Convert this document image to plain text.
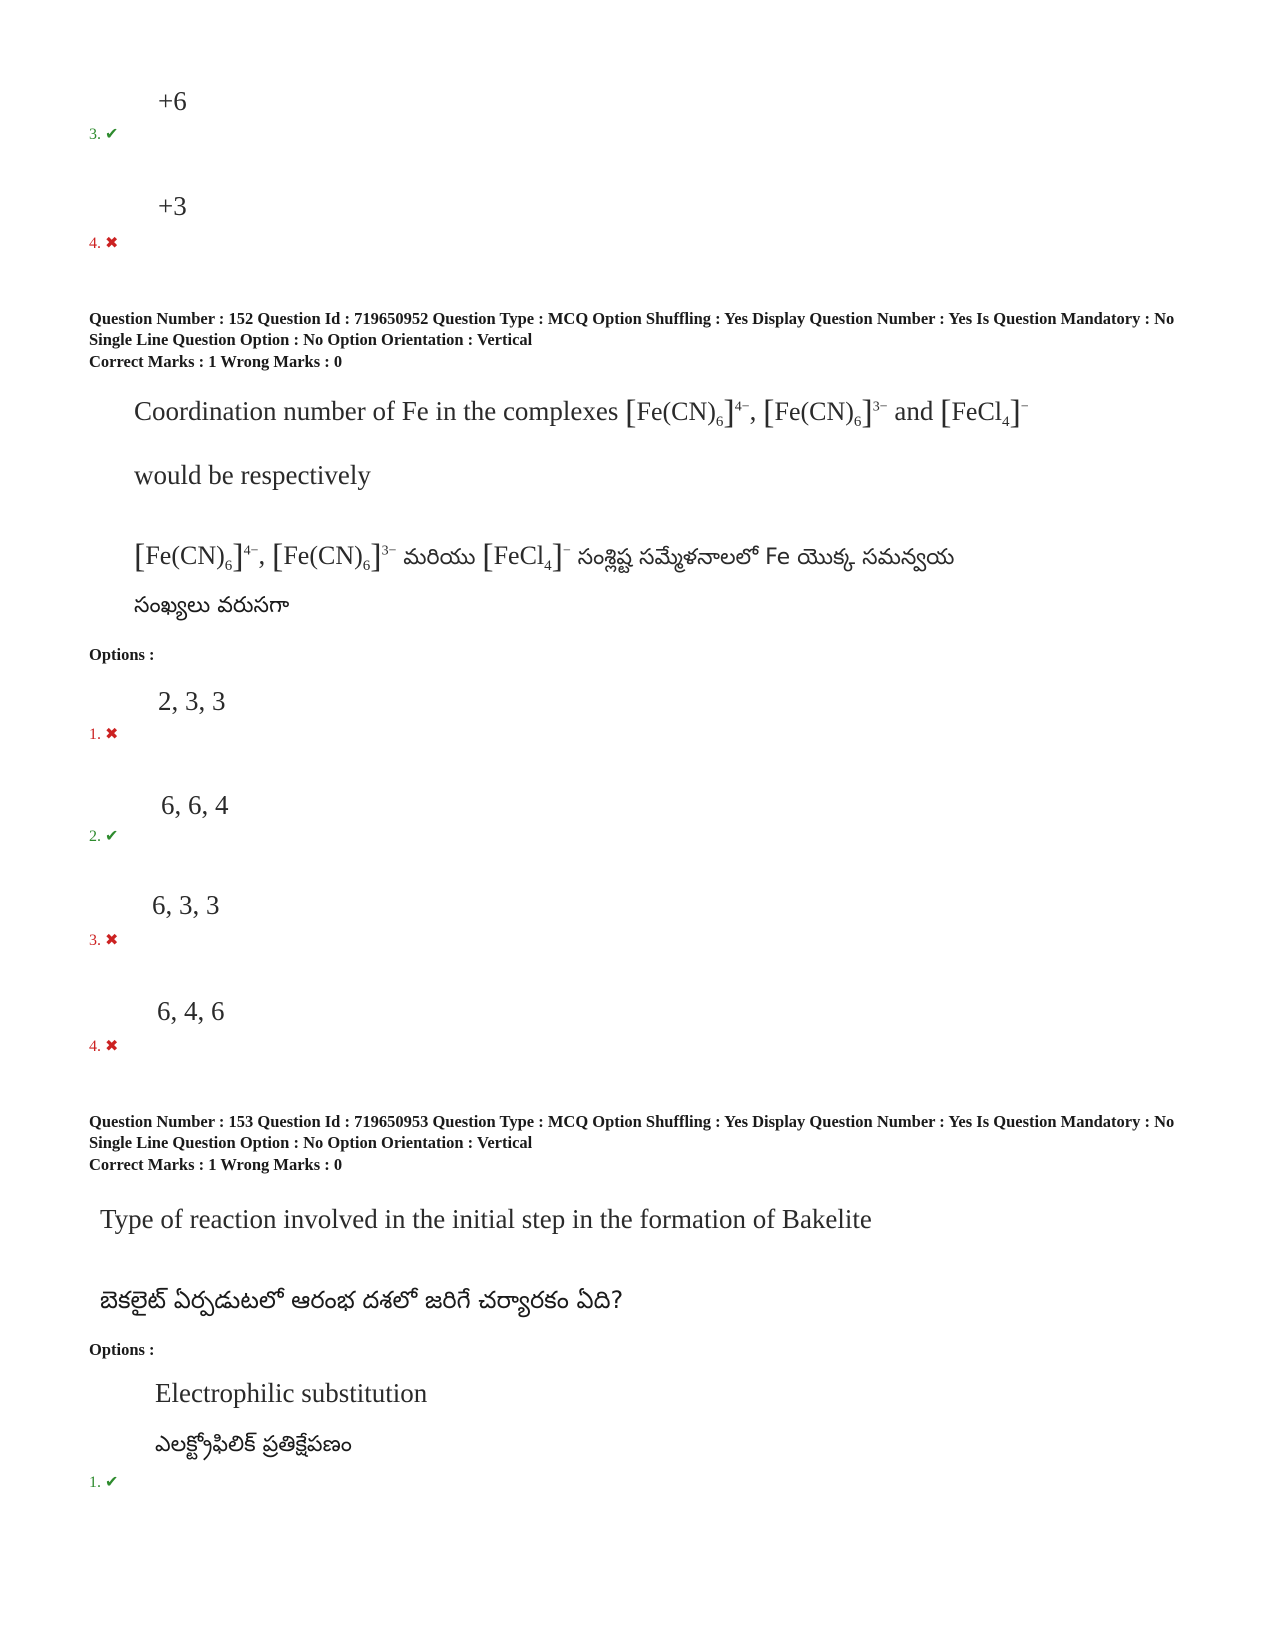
+6
3. ✔
+3
4. ✖
Question Number : 152 Question Id : 719650952 Question Type : MCQ Option Shuffling : Yes Display Question Number : Yes Is Question Mandatory : No Single Line Question Option : No Option Orientation : Vertical
Correct Marks : 1 Wrong Marks : 0
Coordination number of Fe in the complexes $[Fe(CN)_6]^{4-}$, $[Fe(CN)_6]^{3-}$ and [FeCl$_4$]−
would be respectively
$[Fe(CN)_6]^{4-}$, $[Fe(CN)_6]^{3-}$ మరియు [FeCl$_4$]− సంశ్లిష్ట సమ్మేళనాలలో Fe యొక్క సమన్వయ
సంఖ్యలు వరుసగా
Options :
2, 3, 3
1. ✖
6, 6, 4
2. ✔
6, 3, 3
3. ✖
6, 4, 6
4. ✖
Question Number : 153 Question Id : 719650953 Question Type : MCQ Option Shuffling : Yes Display Question Number : Yes Is Question Mandatory : No Single Line Question Option : No Option Orientation : Vertical
Correct Marks : 1 Wrong Marks : 0
Type of reaction involved in the initial step in the formation of Bakelite
బెకలైట్ ఏర్పడుటలో ఆరంభ దశలో జరిగే చర్యారకం ఏది?
Options :
Electrophilic substitution
ఎలక్ట్రోఫిలిక్ ప్రతిక్షేపణం
1. ✔
